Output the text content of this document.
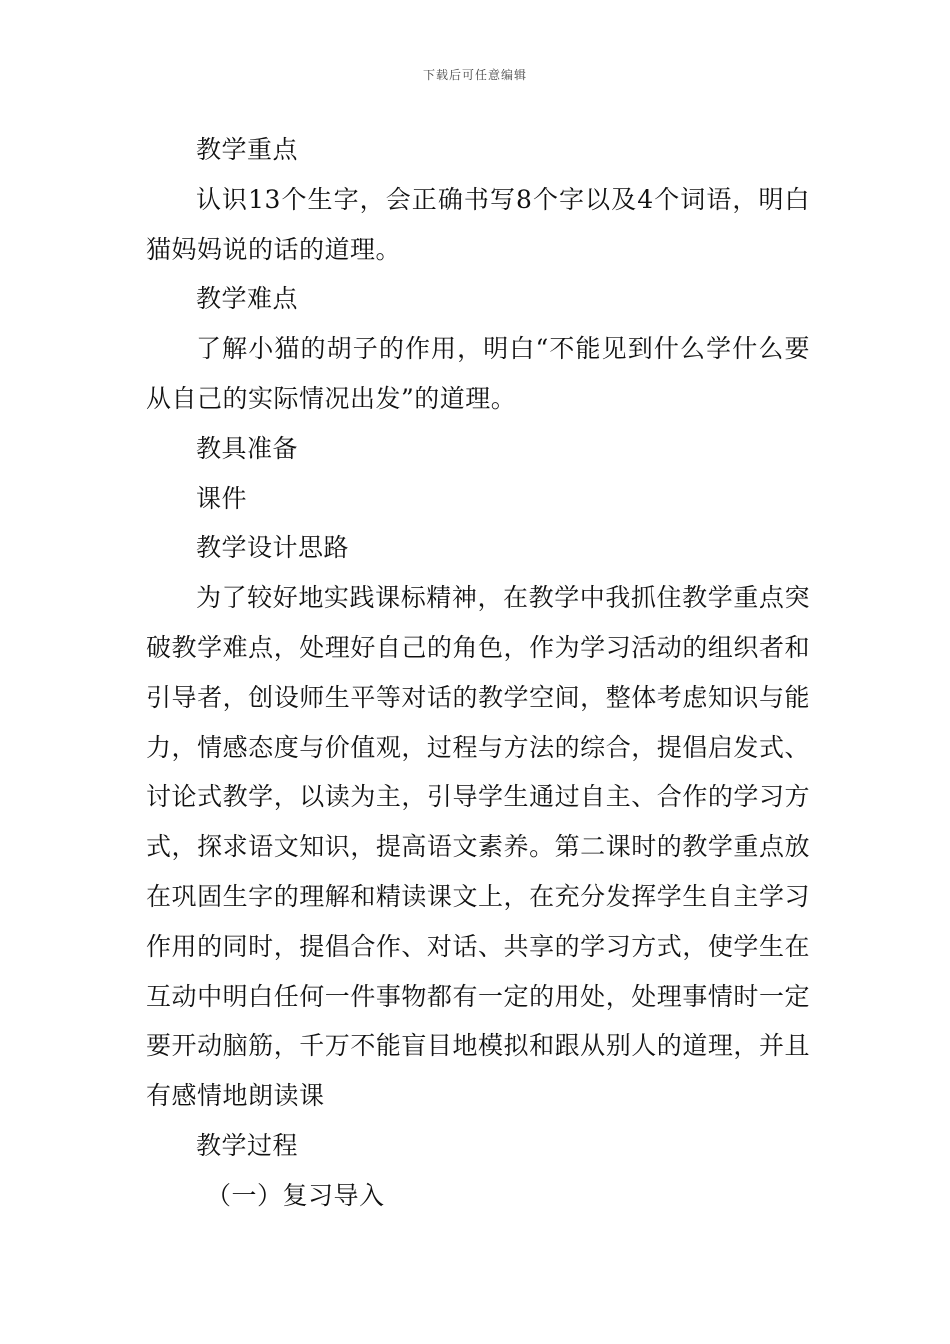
下载后可任意编辑

教学重点

认识13个生字，会正确书写8个字以及4个词语，明白猫妈妈说的话的道理。

教学难点

了解小猫的胡子的作用，明白“不能见到什么学什么要从自己的实际情况出发”的道理。

教具准备

课件

教学设计思路

为了较好地实践课标精神，在教学中我抓住教学重点突破教学难点，处理好自己的角色，作为学习活动的组织者和引导者，创设师生平等对话的教学空间，整体考虑知识与能力，情感态度与价值观，过程与方法的综合，提倡启发式、讨论式教学，以读为主，引导学生通过自主、合作的学习方式，探求语文知识，提高语文素养。第二课时的教学重点放在巩固生字的理解和精读课文上，在充分发挥学生自主学习作用的同时，提倡合作、对话、共享的学习方式，使学生在互动中明白任何一件事物都有一定的用处，处理事情时一定要开动脑筋，千万不能盲目地模拟和跟从别人的道理，并且有感情地朗读课

教学过程

（一）复习导入
